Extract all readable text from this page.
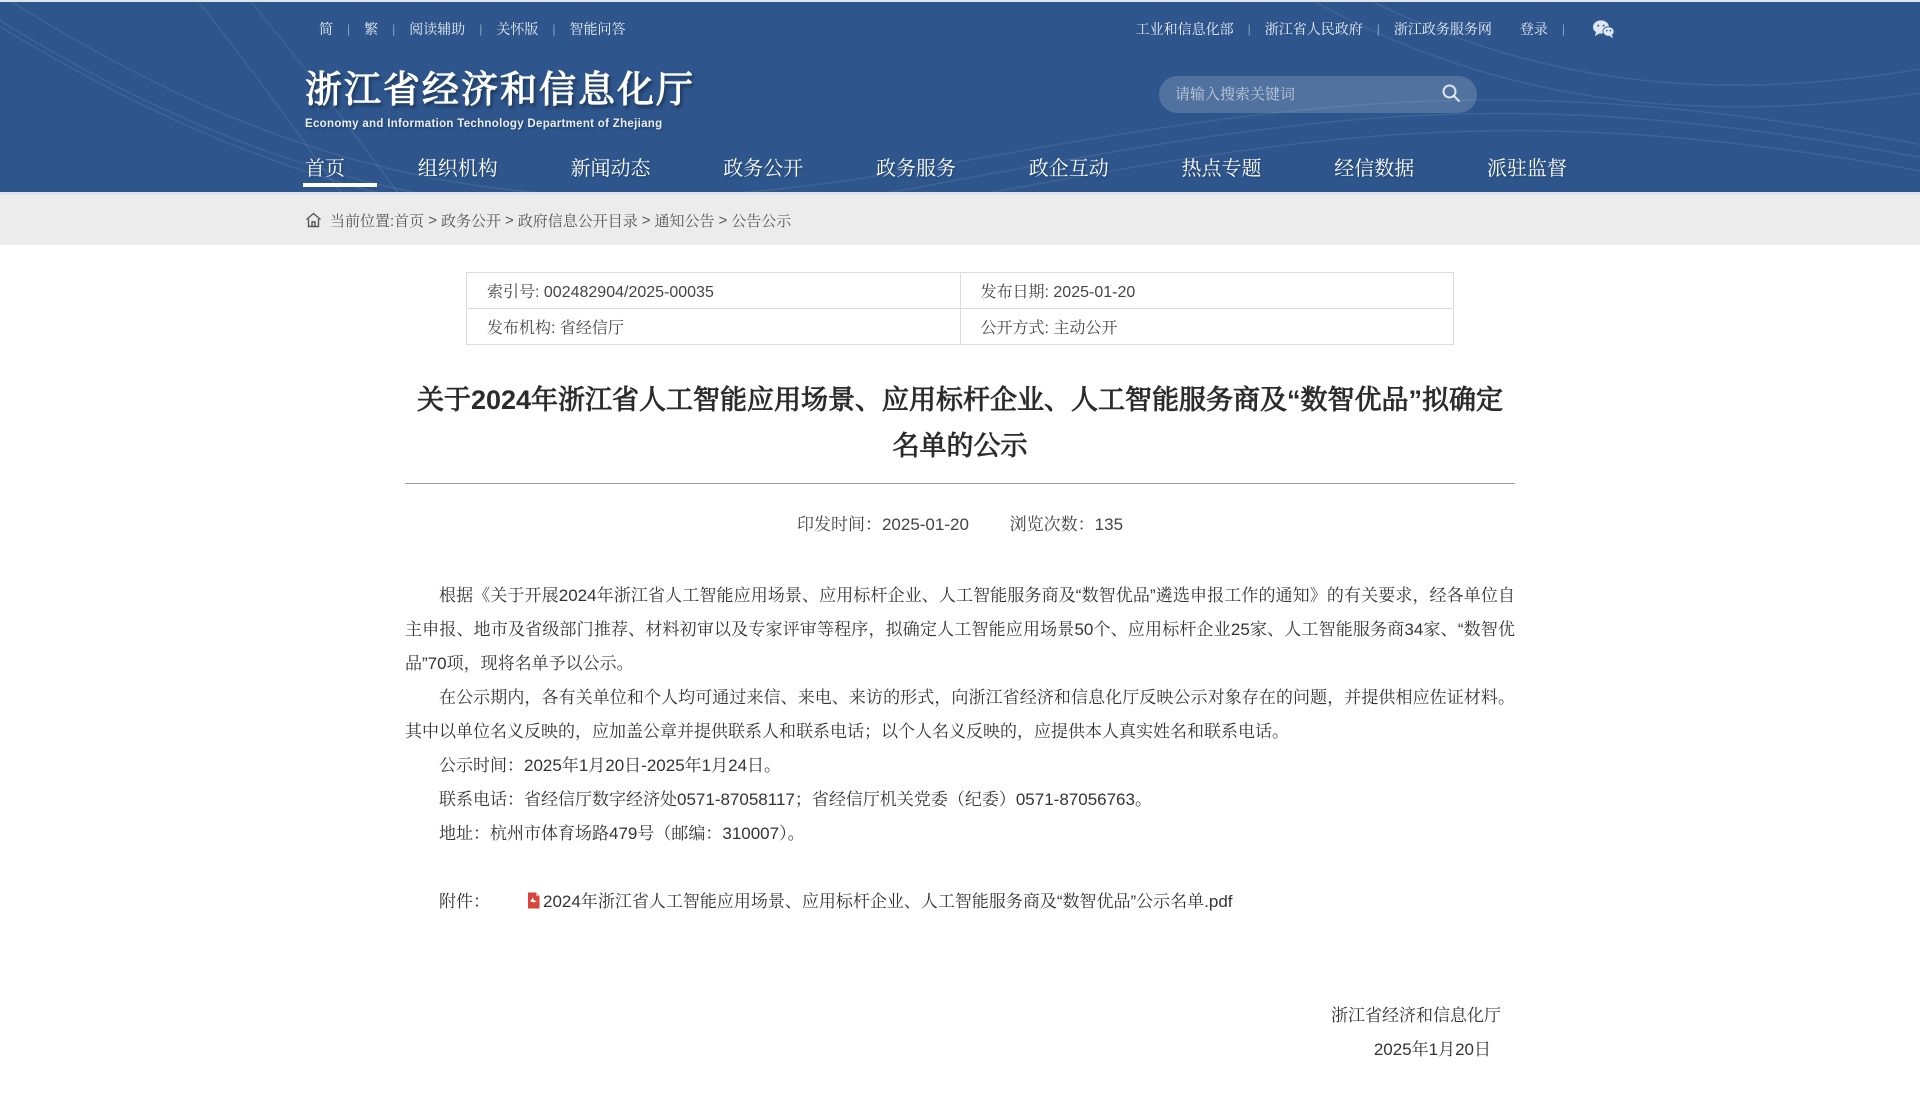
简	|	繁	|	阅读辅助	|	关怀版	|	智能问答	工业和信息化部	|	浙江省人民政府	|	浙江政务服务网	登录	|
浙江省经济和信息化厅
Economy and Information Technology Department of Zhejiang
请输入搜索关键词
首页	组织机构	新闻动态	政务公开	政务服务	政企互动	热点专题	经信数据	派驻监督
当前位置: 首页 > 政务公开 > 政府信息公开目录 > 通知公告 > 公告公示
索引号: 002482904/2025-00035	发布日期: 2025-01-20
发布机构: 省经信厅	公开方式: 主动公开
关于2024年浙江省人工智能应用场景、应用标杆企业、人工智能服务商及“数智优品”拟确定名单的公示
印发时间：2025-01-20 浏览次数：135

根据《关于开展2024年浙江省人工智能应用场景、应用标杆企业、人工智能服务商及“数智优品”遴选申报工作的通知》的有关要求，经各单位自主申报、地市及省级部门推荐、材料初审以及专家评审等程序，拟确定人工智能应用场景50个、应用标杆企业25家、人工智能服务商34家、“数智优品”70项，现将名单予以公示。

在公示期内，各有关单位和个人均可通过来信、来电、来访的形式，向浙江省经济和信息化厅反映公示对象存在的问题，并提供相应佐证材料。其中以单位名义反映的，应加盖公章并提供联系人和联系电话；以个人名义反映的，应提供本人真实姓名和联系电话。

公示时间：2025年1月20日-2025年1月24日。

联系电话：省经信厅数字经济处0571-87058117；省经信厅机关党委（纪委）0571-87056763。

地址：杭州市体育场路479号（邮编：310007）。

附件：	2024年浙江省人工智能应用场景、应用标杆企业、人工智能服务商及“数智优品”公示名单.pdf
浙江省经济和信息化厅
2025年1月20日
